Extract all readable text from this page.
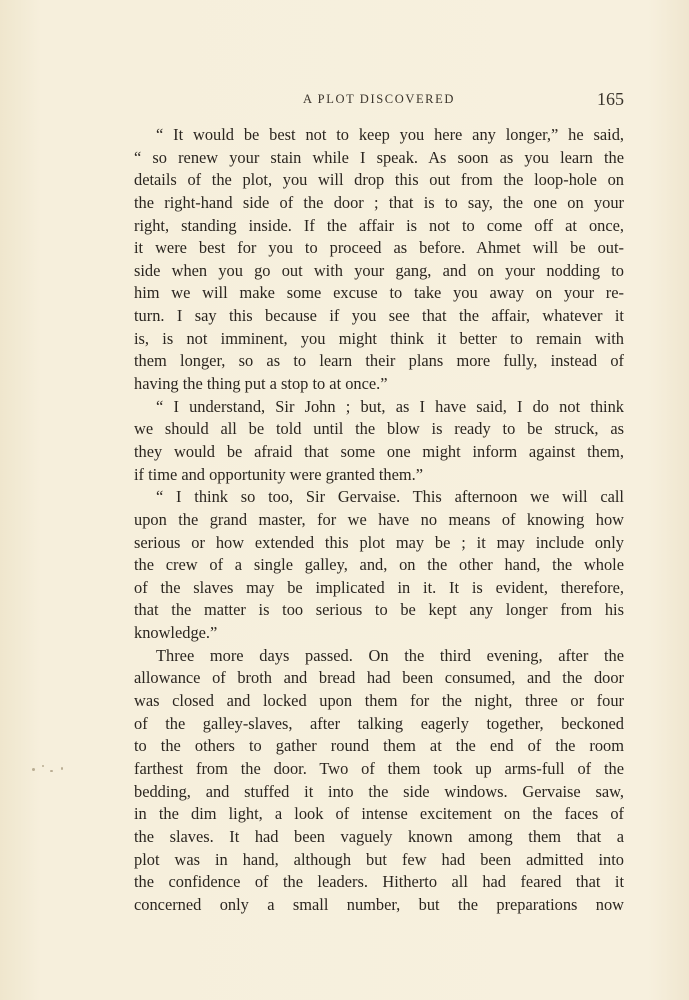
A PLOT DISCOVERED	165
“ It would be best not to keep you here any longer,” he said,
“ so renew your stain while I speak. As soon as you learn the
details of the plot, you will drop this out from the loop-hole on
the right-hand side of the door ; that is to say, the one on your
right, standing inside. If the affair is not to come off at once,
it were best for you to proceed as before. Ahmet will be out-
side when you go out with your gang, and on your nodding to
him we will make some excuse to take you away on your re-
turn. I say this because if you see that the affair, whatever it
is, is not imminent, you might think it better to remain with
them longer, so as to learn their plans more fully, instead of
having the thing put a stop to at once.”
“ I understand, Sir John ; but, as I have said, I do not think
we should all be told until the blow is ready to be struck, as
they would be afraid that some one might inform against them,
if time and opportunity were granted them.”
“ I think so too, Sir Gervaise. This afternoon we will call
upon the grand master, for we have no means of knowing how
serious or how extended this plot may be ; it may include only
the crew of a single galley, and, on the other hand, the whole
of the slaves may be implicated in it. It is evident, therefore,
that the matter is too serious to be kept any longer from his
knowledge.”
Three more days passed. On the third evening, after the
allowance of broth and bread had been consumed, and the door
was closed and locked upon them for the night, three or four
of the galley-slaves, after talking eagerly together, beckoned
to the others to gather round them at the end of the room
farthest from the door. Two of them took up arms-full of the
bedding, and stuffed it into the side windows. Gervaise saw,
in the dim light, a look of intense excitement on the faces of
the slaves. It had been vaguely known among them that a
plot was in hand, although but few had been admitted into
the confidence of the leaders. Hitherto all had feared that it
concerned only a small number, but the preparations now
